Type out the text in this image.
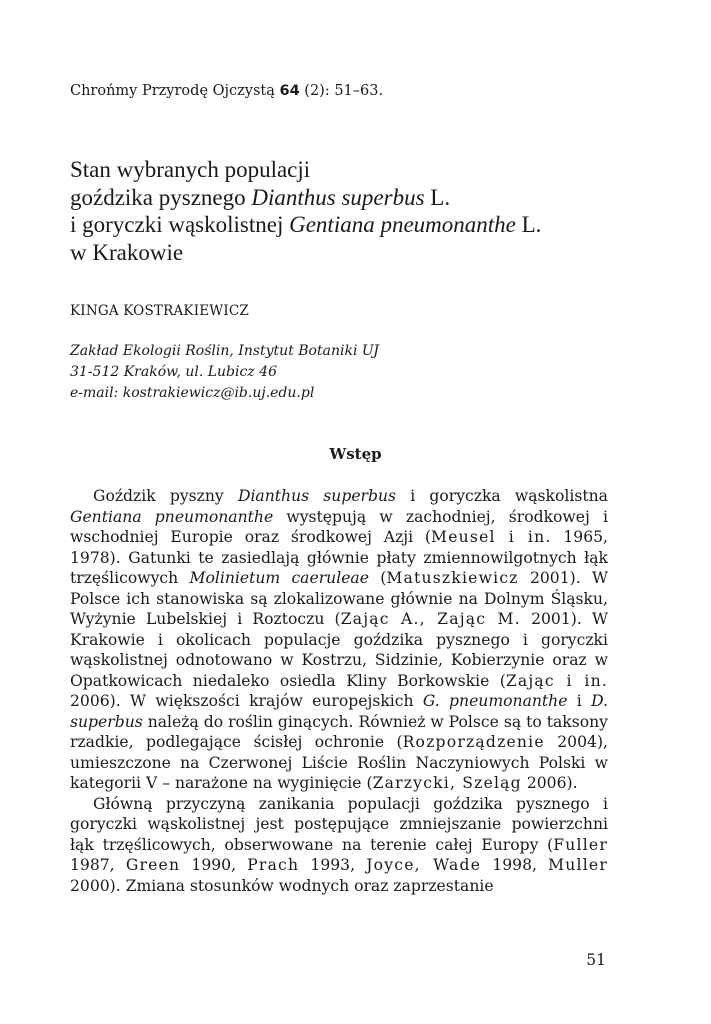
Chrońmy Przyrodę Ojczystą 64 (2): 51–63.
Stan wybranych populacji
goździka pysznego Dianthus superbus L.
i goryczki wąskolistnej Gentiana pneumonanthe L.
w Krakowie
KINGA KOSTRAKIEWICZ
Zakład Ekologii Roślin, Instytut Botaniki UJ
31-512 Kraków, ul. Lubicz 46
e-mail: kostrakiewicz@ib.uj.edu.pl
Wstęp

Goździk pyszny Dianthus superbus i goryczka wąskolistna Gentiana pneumonanthe występują w zachodniej, środkowej i wschodniej Europie oraz środkowej Azji (Meusel i in. 1965, 1978). Gatunki te zasiedlają głównie płaty zmiennowilgotnych łąk trzęślicowych Molinietum caeruleae (Matuszkiewicz 2001). W Polsce ich stanowiska są zlokalizowane głównie na Dolnym Śląsku, Wyżynie Lubelskiej i Roztoczu (Zając A., Zając M. 2001). W Krakowie i okolicach populacje goździka pysznego i goryczki wąskolistnej odnotowano w Kostrzu, Sidzinie, Kobierzynie oraz w Opatkowicach niedaleko osiedla Kliny Borkowskie (Zając i in. 2006). W większości krajów europejskich G. pneumonanthe i D. superbus należą do roślin ginących. Również w Polsce są to taksony rzadkie, podlegające ścisłej ochronie (Rozporządzenie 2004), umieszczone na Czerwonej Liście Roślin Naczyniowych Polski w kategorii V – narażone na wyginięcie (Zarzycki, Szeląg 2006).

Główną przyczyną zanikania populacji goździka pysznego i goryczki wąskolistnej jest postępujące zmniejszanie powierzchni łąk trzęślicowych, obserwowane na terenie całej Europy (Fuller 1987, Green 1990, Prach 1993, Joyce, Wade 1998, Muller 2000). Zmiana stosunków wodnych oraz zaprzestanie

51
